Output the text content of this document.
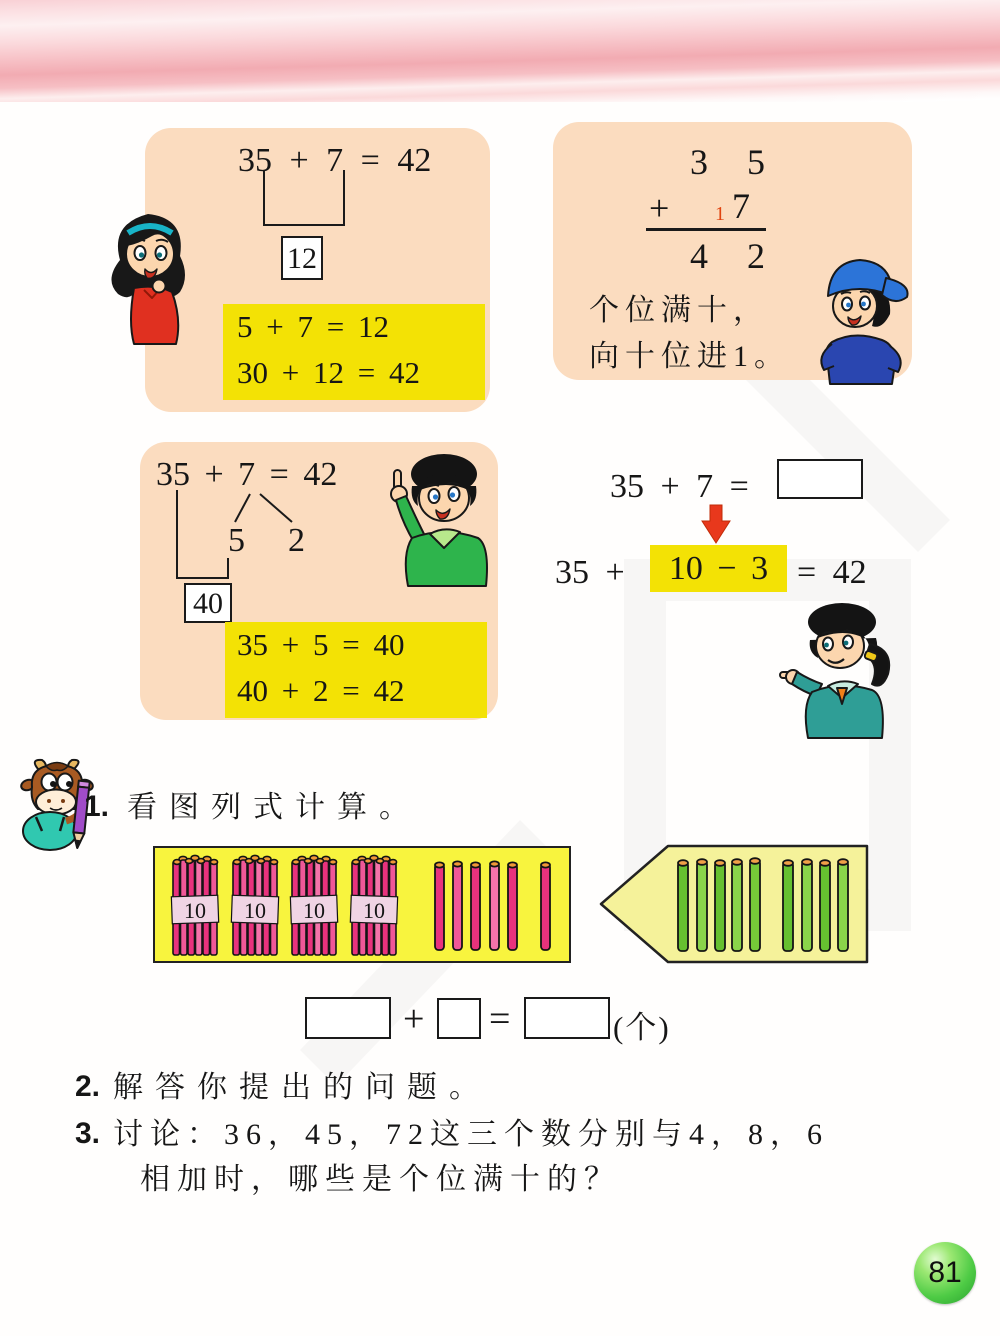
35 + 7 = 42
12
5 + 7 = 12
30 + 12 = 42
3 5
+ 1 7
4 2
个位满十，
向十位进1。
35 + 7 = 42
5 2
40
35 + 5 = 40
40 + 2 = 42
35 + 7 =
35 +	10 − 3 = 42
1. 看图列式计算。
10 10 10 10
+ =	(个)
2. 解答你提出的问题。
3. 讨论：36，45，72这三个数分别与4，8，6
相加时，哪些是个位满十的？
81
